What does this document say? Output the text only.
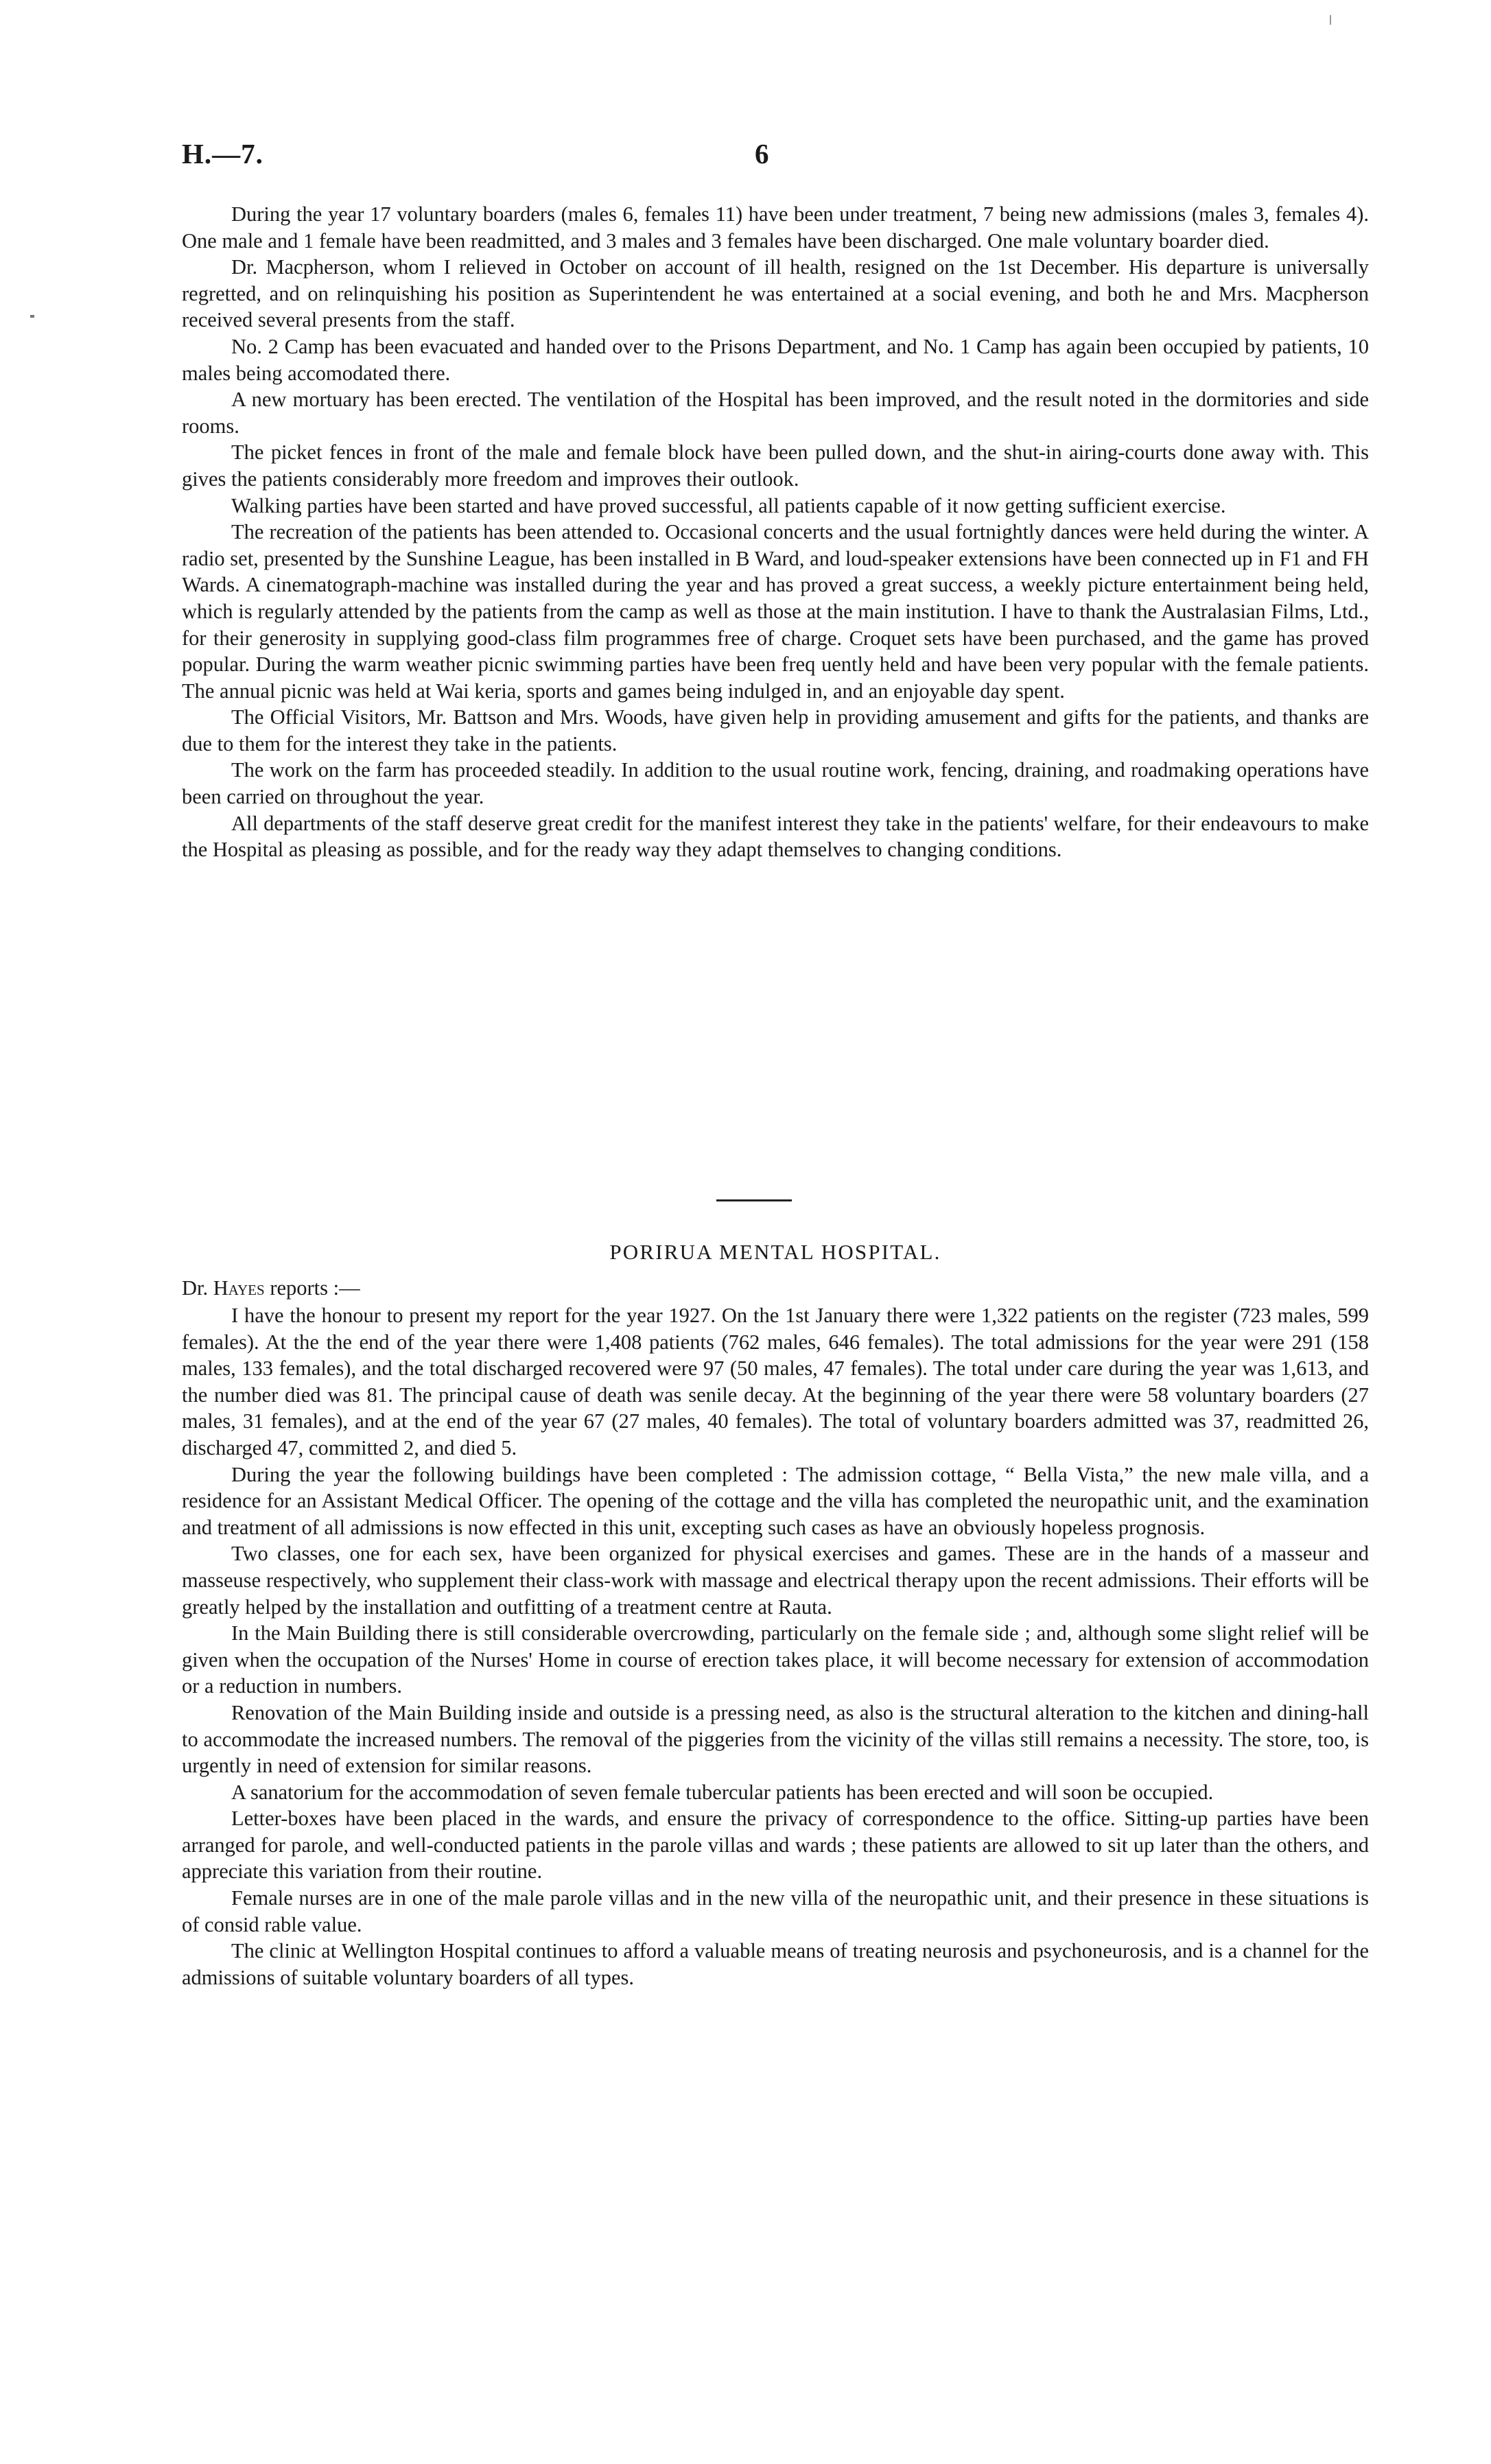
H.—7.	6

During the year 17 voluntary boarders (males 6, females 11) have been under treatment, 7 being new admissions (males 3, females 4). One male and 1 female have been readmitted, and 3 males and 3 females have been discharged. One male voluntary boarder died.

Dr. Macpherson, whom I relieved in October on account of ill health, resigned on the 1st December. His departure is universally regretted, and on relinquishing his position as Superintendent he was entertained at a social evening, and both he and Mrs. Macpherson received several presents from the staff.

No. 2 Camp has been evacuated and handed over to the Prisons Department, and No. 1 Camp has again been occupied by patients, 10 males being accomodated there.

A new mortuary has been erected. The ventilation of the Hospital has been improved, and the result noted in the dormitories and side rooms.

The picket fences in front of the male and female block have been pulled down, and the shut-in airing-courts done away with. This gives the patients considerably more freedom and improves their outlook.

Walking parties have been started and have proved successful, all patients capable of it now getting sufficient exercise.

The recreation of the patients has been attended to. Occasional concerts and the usual fortnightly dances were held during the winter. A radio set, presented by the Sunshine League, has been installed in B Ward, and loud-speaker extensions have been connected up in F1 and FH Wards. A cinematograph-machine was installed during the year and has proved a great success, a weekly picture entertainment being held, which is regularly attended by the patients from the camp as well as those at the main institution. I have to thank the Australasian Films, Ltd., for their generosity in supplying good-class film programmes free of charge. Croquet sets have been purchased, and the game has proved popular. During the warm weather picnic swimming parties have been freq uently held and have been very popular with the female patients. The annual picnic was held at Wai keria, sports and games being indulged in, and an enjoyable day spent.

The Official Visitors, Mr. Battson and Mrs. Woods, have given help in providing amusement and gifts for the patients, and thanks are due to them for the interest they take in the patients.

The work on the farm has proceeded steadily. In addition to the usual routine work, fencing, draining, and roadmaking operations have been carried on throughout the year.

All departments of the staff deserve great credit for the manifest interest they take in the patients' welfare, for their endeavours to make the Hospital as pleasing as possible, and for the ready way they adapt themselves to changing conditions.

PORIRUA MENTAL HOSPITAL.
Dr. Hayes reports :—

I have the honour to present my report for the year 1927. On the 1st January there were 1,322 patients on the register (723 males, 599 females). At the the end of the year there were 1,408 patients (762 males, 646 females). The total admissions for the year were 291 (158 males, 133 females), and the total discharged recovered were 97 (50 males, 47 females). The total under care during the year was 1,613, and the number died was 81. The principal cause of death was senile decay. At the beginning of the year there were 58 voluntary boarders (27 males, 31 females), and at the end of the year 67 (27 males, 40 females). The total of voluntary boarders admitted was 37, readmitted 26, discharged 47, committed 2, and died 5.

During the year the following buildings have been completed : The admission cottage, “ Bella Vista,” the new male villa, and a residence for an Assistant Medical Officer. The opening of the cottage and the villa has completed the neuropathic unit, and the examination and treatment of all admissions is now effected in this unit, excepting such cases as have an obviously hopeless prognosis.

Two classes, one for each sex, have been organized for physical exercises and games. These are in the hands of a masseur and masseuse respectively, who supplement their class-work with massage and electrical therapy upon the recent admissions. Their efforts will be greatly helped by the installation and outfitting of a treatment centre at Rauta.

In the Main Building there is still considerable overcrowding, particularly on the female side ; and, although some slight relief will be given when the occupation of the Nurses' Home in course of erection takes place, it will become necessary for extension of accommodation or a reduction in numbers.

Renovation of the Main Building inside and outside is a pressing need, as also is the structural alteration to the kitchen and dining-hall to accommodate the increased numbers. The removal of the piggeries from the vicinity of the villas still remains a necessity. The store, too, is urgently in need of extension for similar reasons.

A sanatorium for the accommodation of seven female tubercular patients has been erected and will soon be occupied.

Letter-boxes have been placed in the wards, and ensure the privacy of correspondence to the office. Sitting-up parties have been arranged for parole, and well-conducted patients in the parole villas and wards ; these patients are allowed to sit up later than the others, and appreciate this variation from their routine.

Female nurses are in one of the male parole villas and in the new villa of the neuropathic unit, and their presence in these situations is of consid rable value.

The clinic at Wellington Hospital continues to afford a valuable means of treating neurosis and psychoneurosis, and is a channel for the admissions of suitable voluntary boarders of all types.
